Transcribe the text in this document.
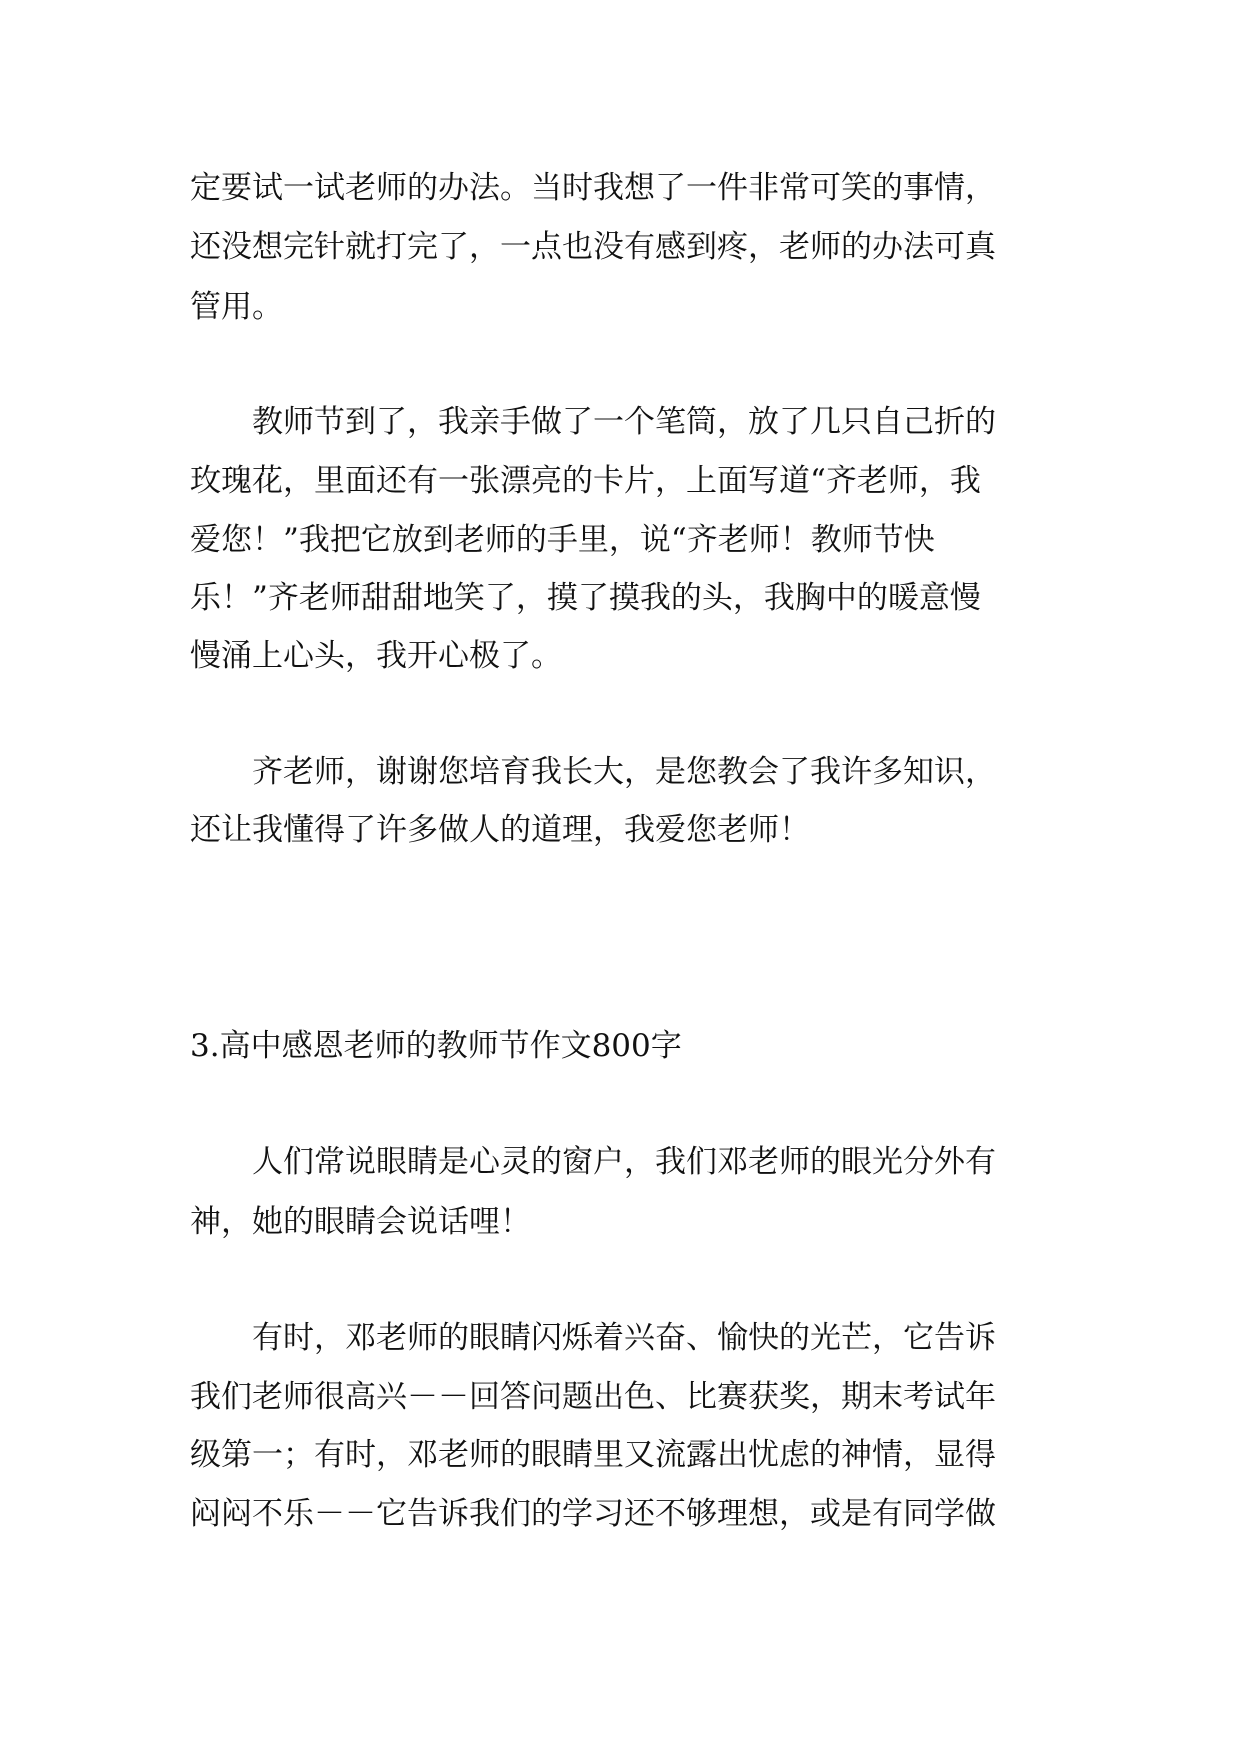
定要试一试老师的办法。当时我想了一件非常可笑的事情，
还没想完针就打完了，一点也没有感到疼，老师的办法可真
管用。
教师节到了，我亲手做了一个笔筒，放了几只自己折的
玫瑰花，里面还有一张漂亮的卡片，上面写道“齐老师，我
爱您！”我把它放到老师的手里，说“齐老师！教师节快
乐！”齐老师甜甜地笑了，摸了摸我的头，我胸中的暖意慢
慢涌上心头，我开心极了。
齐老师，谢谢您培育我长大，是您教会了我许多知识，
还让我懂得了许多做人的道理，我爱您老师！
3.高中感恩老师的教师节作文800字
人们常说眼睛是心灵的窗户，我们邓老师的眼光分外有
神，她的眼睛会说话哩！
有时，邓老师的眼睛闪烁着兴奋、愉快的光芒，它告诉
我们老师很高兴－－回答问题出色、比赛获奖，期末考试年
级第一；有时，邓老师的眼睛里又流露出忧虑的神情，显得
闷闷不乐－－它告诉我们的学习还不够理想，或是有同学做
